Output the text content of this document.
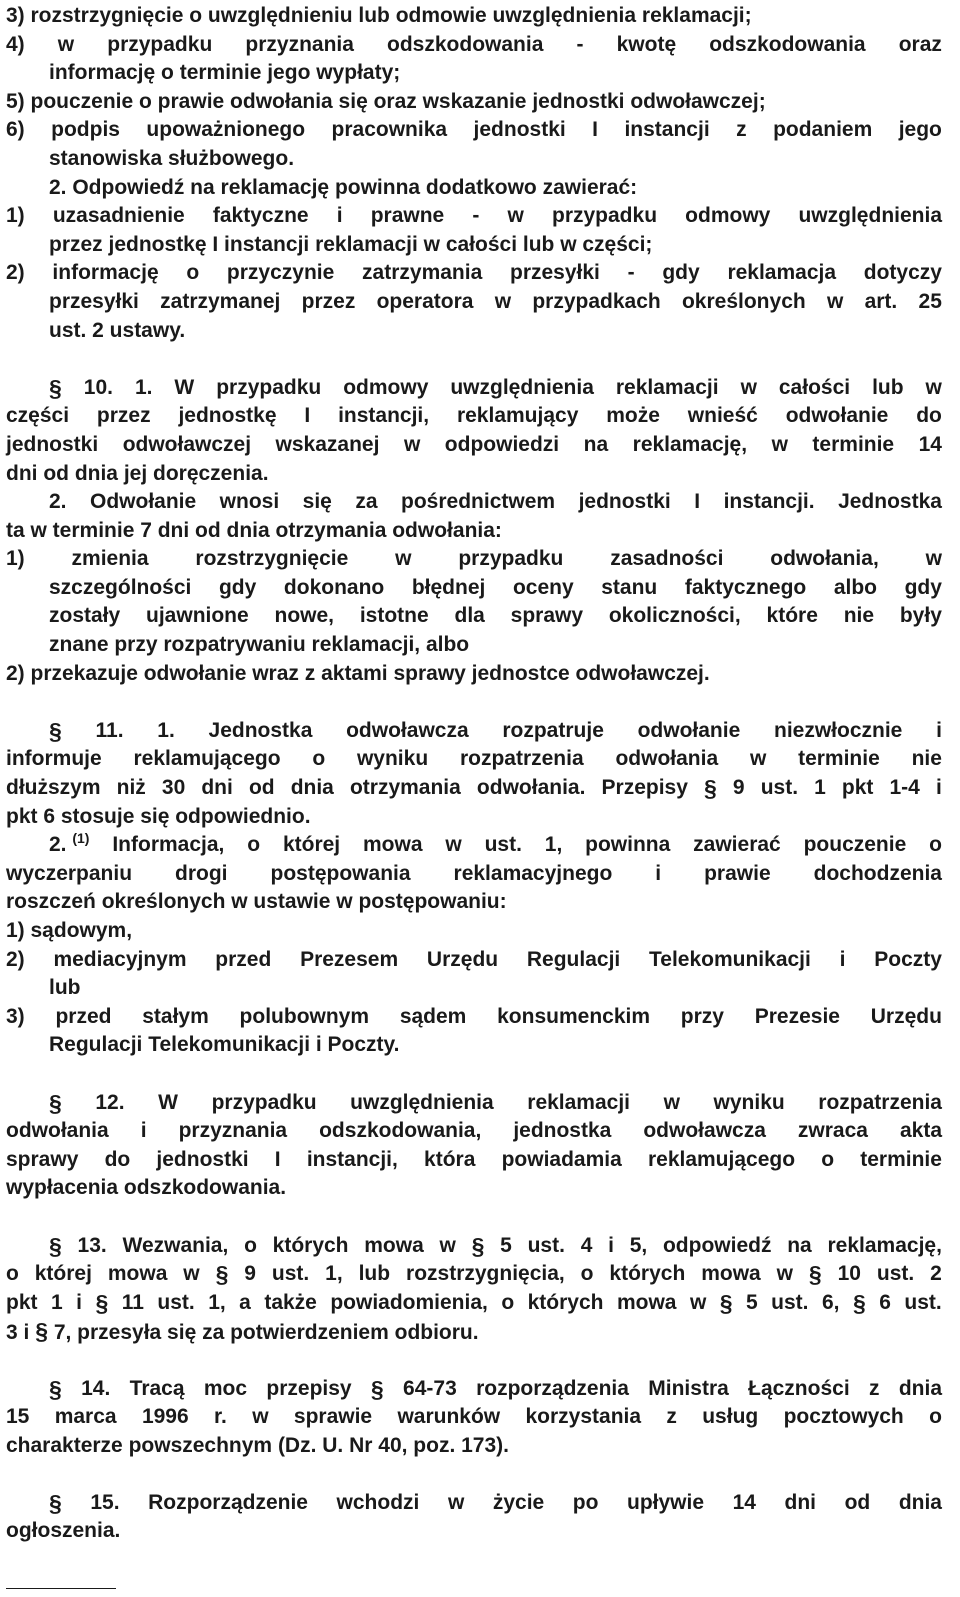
3) rozstrzygnięcie o uwzględnieniu lub odmowie uwzględnienia reklamacji;
4) w przypadku przyznania odszkodowania - kwotę odszkodowania oraz
informację o terminie jego wypłaty;
5) pouczenie o prawie odwołania się oraz wskazanie jednostki odwoławczej;
6) podpis upoważnionego pracownika jednostki I instancji z podaniem jego
stanowiska służbowego.
2. Odpowiedź na reklamację powinna dodatkowo zawierać:
1) uzasadnienie faktyczne i prawne - w przypadku odmowy uwzględnienia
przez jednostkę I instancji reklamacji w całości lub w części;
2) informację o przyczynie zatrzymania przesyłki - gdy reklamacja dotyczy
przesyłki zatrzymanej przez operatora w przypadkach określonych w art. 25
ust. 2 ustawy.
§ 10. 1. W przypadku odmowy uwzględnienia reklamacji w całości lub w
części przez jednostkę I instancji, reklamujący może wnieść odwołanie do
jednostki odwoławczej wskazanej w odpowiedzi na reklamację, w terminie 14
dni od dnia jej doręczenia.
2. Odwołanie wnosi się za pośrednictwem jednostki I instancji. Jednostka
ta w terminie 7 dni od dnia otrzymania odwołania:
1) zmienia rozstrzygnięcie w przypadku zasadności odwołania, w
szczególności gdy dokonano błędnej oceny stanu faktycznego albo gdy
zostały ujawnione nowe, istotne dla sprawy okoliczności, które nie były
znane przy rozpatrywaniu reklamacji, albo
2) przekazuje odwołanie wraz z aktami sprawy jednostce odwoławczej.
§ 11. 1. Jednostka odwoławcza rozpatruje odwołanie niezwłocznie i
informuje reklamującego o wyniku rozpatrzenia odwołania w terminie nie
dłuższym niż 30 dni od dnia otrzymania odwołania. Przepisy § 9 ust. 1 pkt 1-4 i
pkt 6 stosuje się odpowiednio.
2. $^{(1)}$ Informacja, o której mowa w ust. 1, powinna zawierać pouczenie o
wyczerpaniu drogi postępowania reklamacyjnego i prawie dochodzenia
roszczeń określonych w ustawie w postępowaniu:
1) sądowym,
2) mediacyjnym przed Prezesem Urzędu Regulacji Telekomunikacji i Poczty
lub
3) przed stałym polubownym sądem konsumenckim przy Prezesie Urzędu
Regulacji Telekomunikacji i Poczty.
§ 12. W przypadku uwzględnienia reklamacji w wyniku rozpatrzenia
odwołania i przyznania odszkodowania, jednostka odwoławcza zwraca akta
sprawy do jednostki I instancji, która powiadamia reklamującego o terminie
wypłacenia odszkodowania.
§ 13. Wezwania, o których mowa w § 5 ust. 4 i 5, odpowiedź na reklamację,
o której mowa w § 9 ust. 1, lub rozstrzygnięcia, o których mowa w § 10 ust. 2
pkt 1 i § 11 ust. 1, a także powiadomienia, o których mowa w § 5 ust. 6, § 6 ust.
3 i § 7, przesyła się za potwierdzeniem odbioru.
§ 14. Tracą moc przepisy § 64-73 rozporządzenia Ministra Łączności z dnia
15 marca 1996 r. w sprawie warunków korzystania z usług pocztowych o
charakterze powszechnym (Dz. U. Nr 40, poz. 173).
§ 15. Rozporządzenie wchodzi w życie po upływie 14 dni od dnia
ogłoszenia.
